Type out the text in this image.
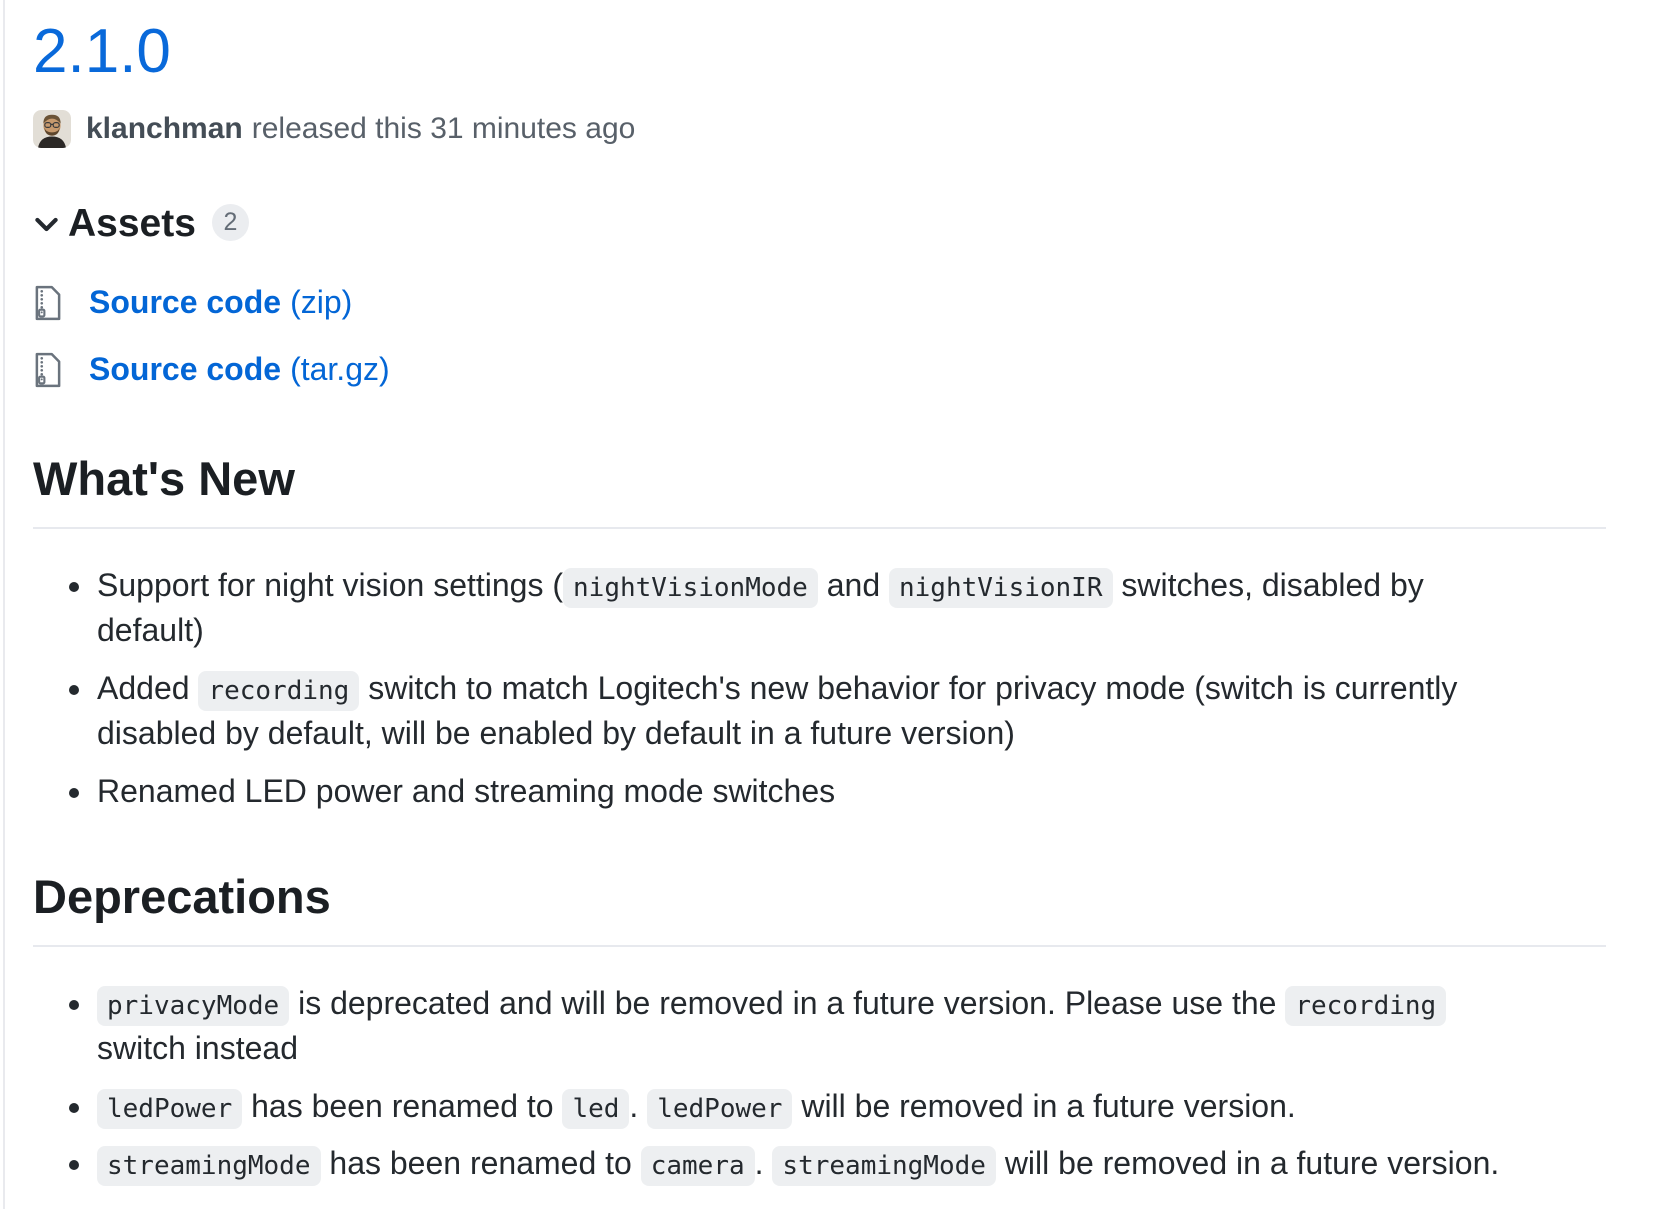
2.1.0
klanchman released this
31 minutes ago
Assets	2
Source code (zip)
Source code (tar.gz)
What's New
• Support for night vision settings ( nightVisionMode and nightVisionIR switches, disabled by default)
• Added recording switch to match Logitech's new behavior for privacy mode (switch is currently disabled by default, will be enabled by default in a future version)
• Renamed LED power and streaming mode switches
Deprecations
• privacyMode is deprecated and will be removed in a future version. Please use the recording switch instead
• ledPower has been renamed to led . ledPower will be removed in a future version.
• streamingMode has been renamed to camera . streamingMode will be removed in a future version.
